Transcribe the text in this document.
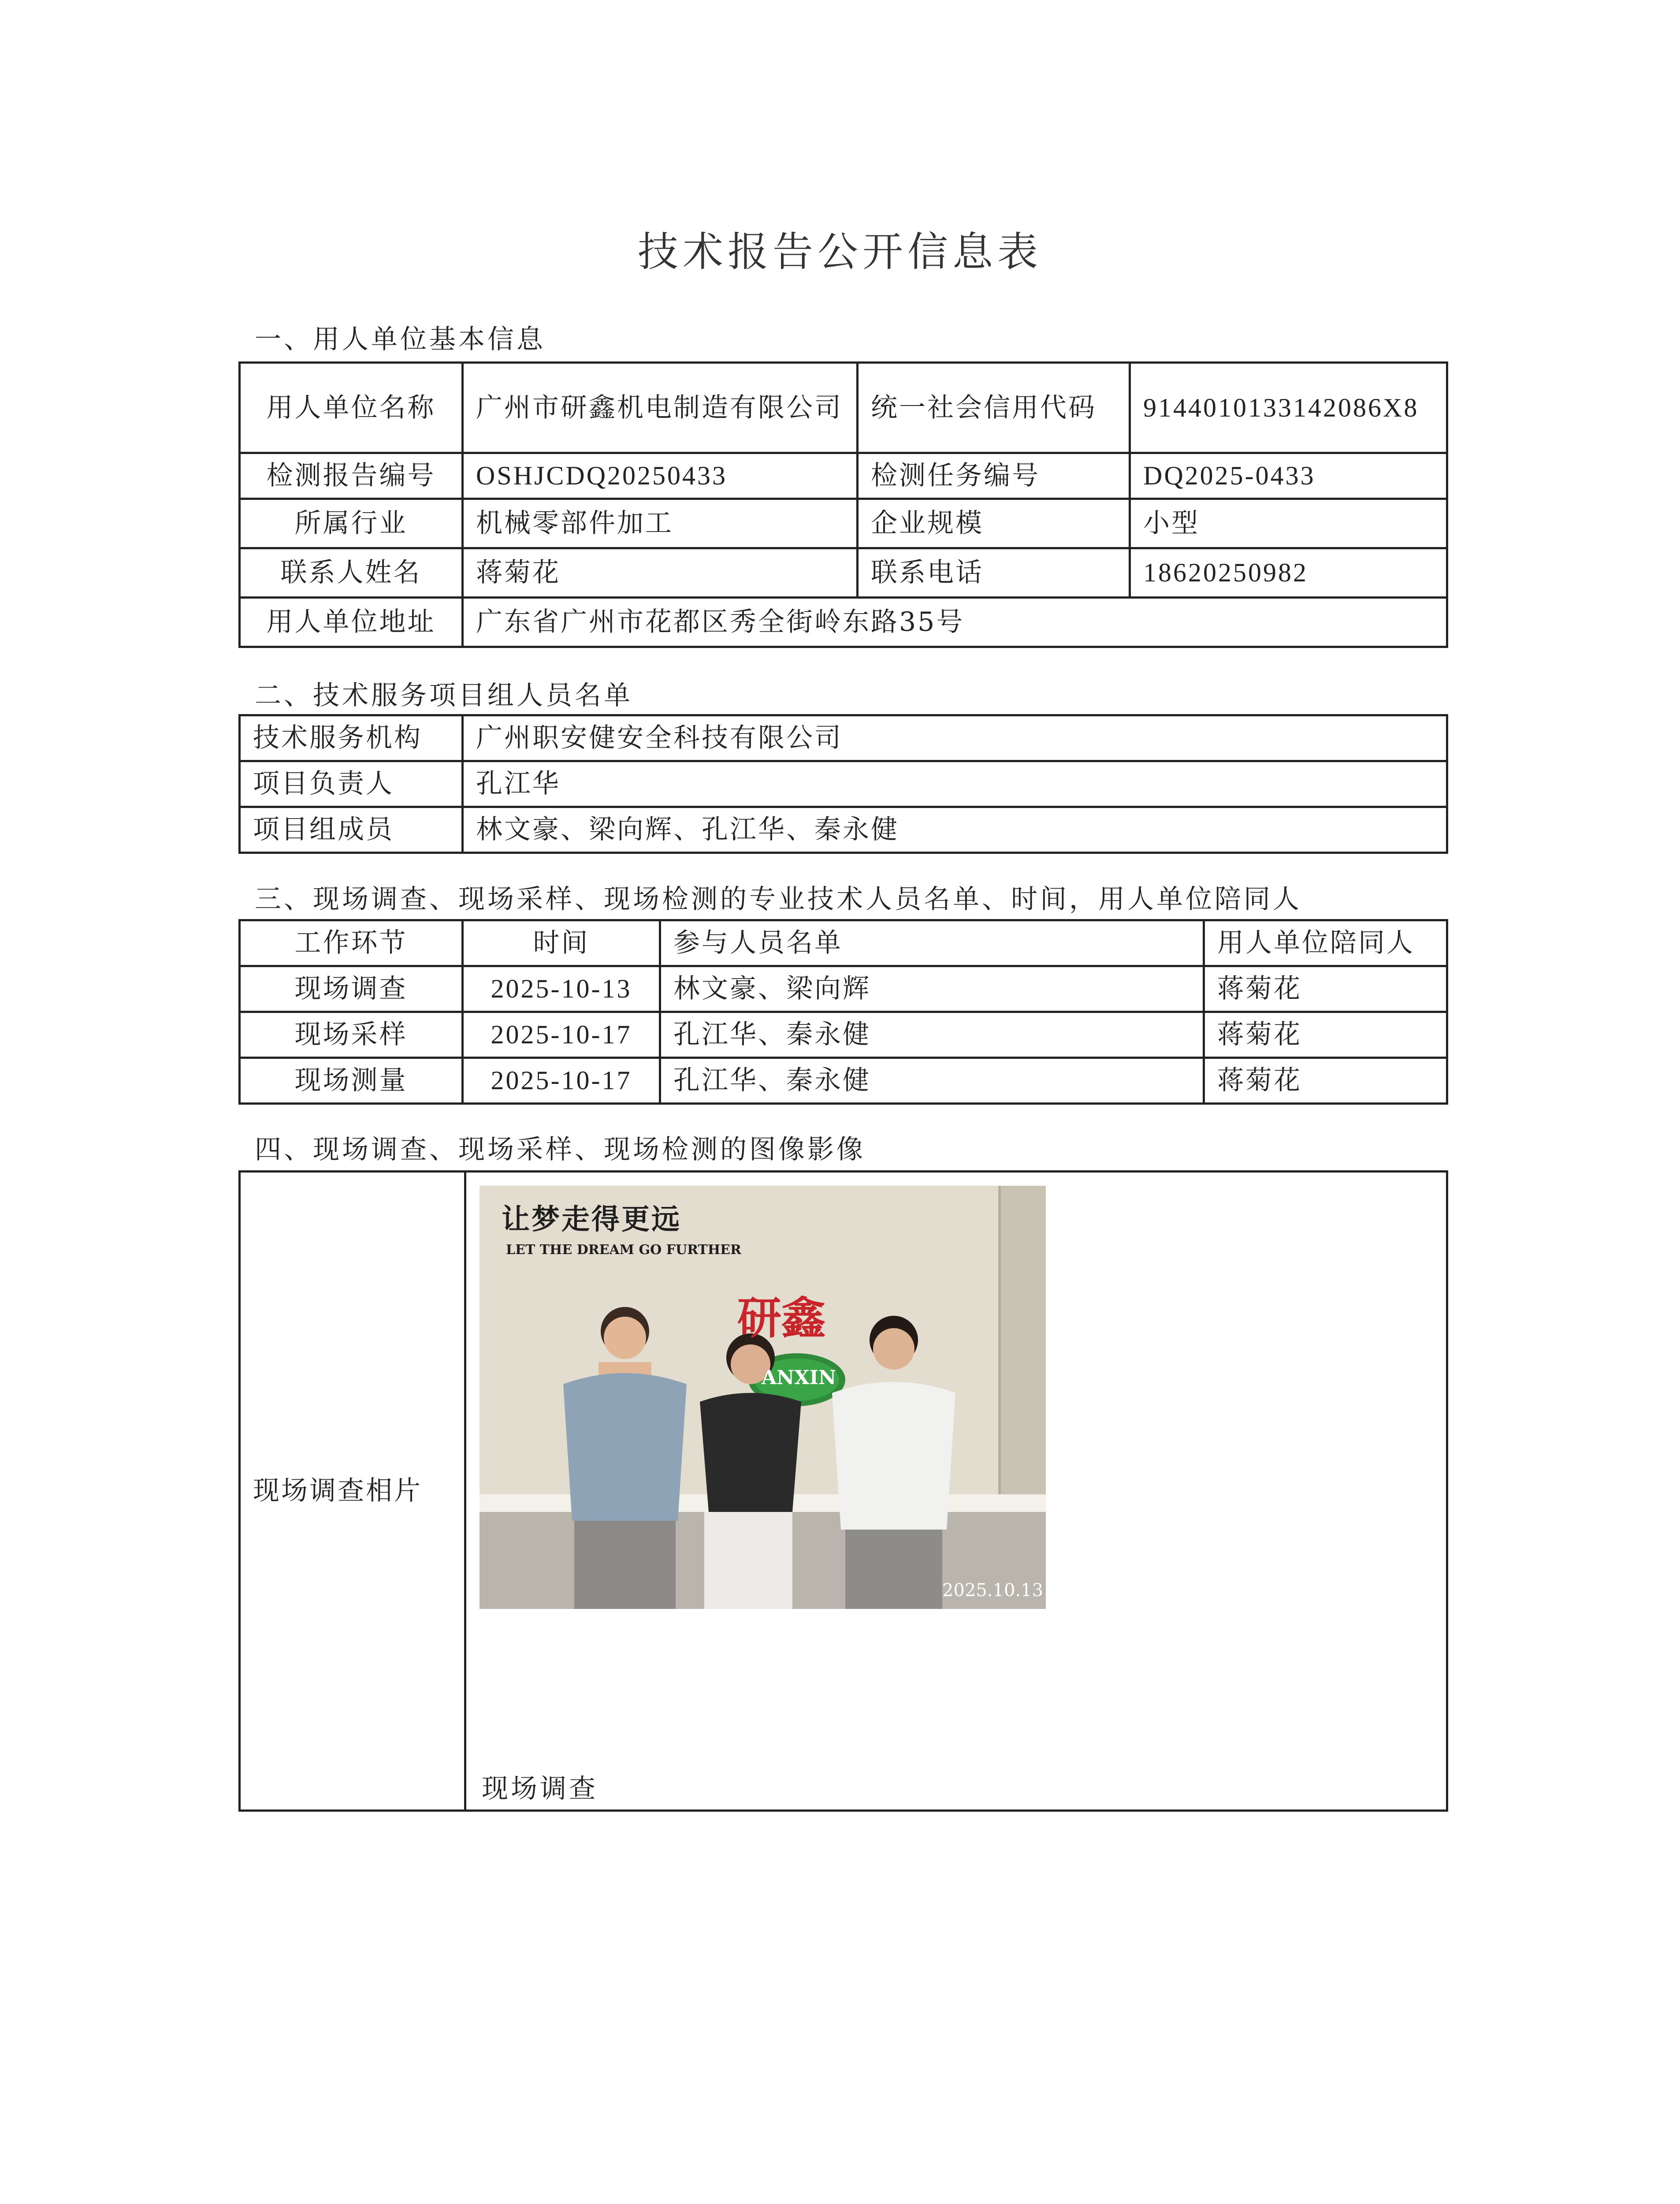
技术报告公开信息表
一、用人单位基本信息
用人单位名称	广州市研鑫机电制造有限公司	统一社会信用代码	9144010133142086X8
检测报告编号	OSHJCDQ20250433	检测任务编号	DQ2025-0433
所属行业	机械零部件加工	企业规模	小型
联系人姓名	蒋菊花	联系电话	18620250982
用人单位地址	广东省广州市花都区秀全街岭东路35号		
二、技术服务项目组人员名单
技术服务机构	广州职安健安全科技有限公司
项目负责人	孔江华
项目组成员	林文豪、梁向辉、孔江华、秦永健
三、现场调查、现场采样、现场检测的专业技术人员名单、时间，用人单位陪同人
工作环节	时间	参与人员名单	用人单位陪同人
现场调查	2025-10-13	林文豪、梁向辉	蒋菊花
现场采样	2025-10-17	孔江华、秦永健	蒋菊花
现场测量	2025-10-17	孔江华、秦永健	蒋菊花
四、现场调查、现场采样、现场检测的图像影像
现场调查相片	
让梦走得更远
LET THE DREAM GO FURTHER
研鑫
ANXIN
2025.10.13
现场调查
